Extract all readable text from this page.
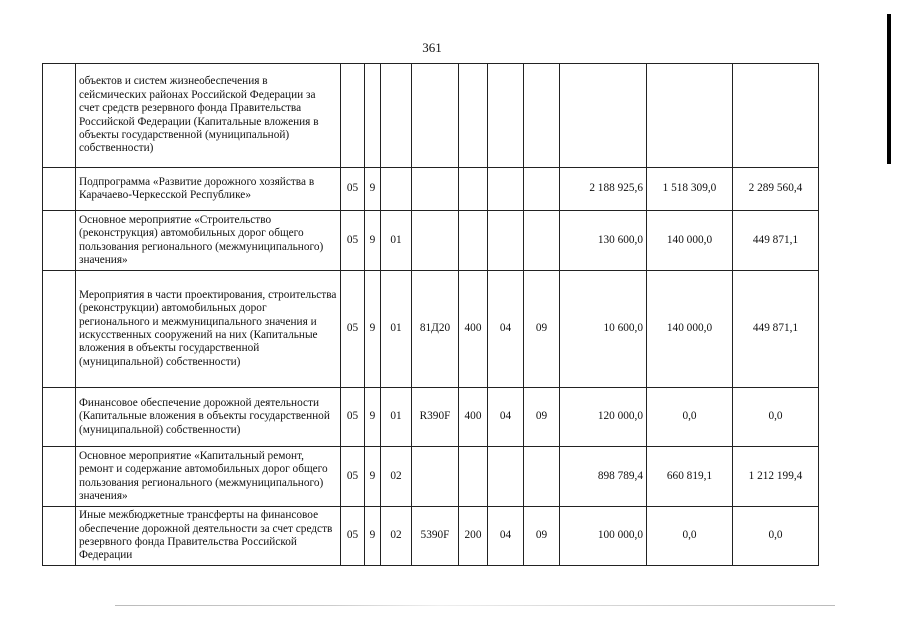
361
	объектов и систем жизнеобеспечения в сейсмических районах Российской Федерации за счет средств резервного фонда Правительства Российской Федерации (Капитальные вложения в объекты государственной (муниципальной) собственности)										
	Подпрограмма «Развитие дорожного хозяйства в Карачаево-Черкесской Республике»	05	9						2 188 925,6	1 518 309,0	2 289 560,4
	Основное мероприятие «Строительство (реконструкция) автомобильных дорог общего пользования регионального (межмуниципального) значения»	05	9	01					130 600,0	140 000,0	449 871,1
	Мероприятия в части проектирования, строительства (реконструкции) автомобильных дорог регионального и межмуниципального значения и искусственных сооружений на них (Капитальные вложения в объекты государственной (муниципальной) собственности)	05	9	01	81Д20	400	04	09	10 600,0	140 000,0	449 871,1
	Финансовое обеспечение дорожной деятельности (Капитальные вложения в объекты государственной (муниципальной) собственности)	05	9	01	R390F	400	04	09	120 000,0	0,0	0,0
	Основное мероприятие «Капитальный ремонт, ремонт и содержание автомобильных дорог общего пользования регионального (межмуниципального) значения»	05	9	02					898 789,4	660 819,1	1 212 199,4
	Иные межбюджетные трансферты на финансовое обеспечение дорожной деятельности за счет средств резервного фонда Правительства Российской Федерации	05	9	02	5390F	200	04	09	100 000,0	0,0	0,0
